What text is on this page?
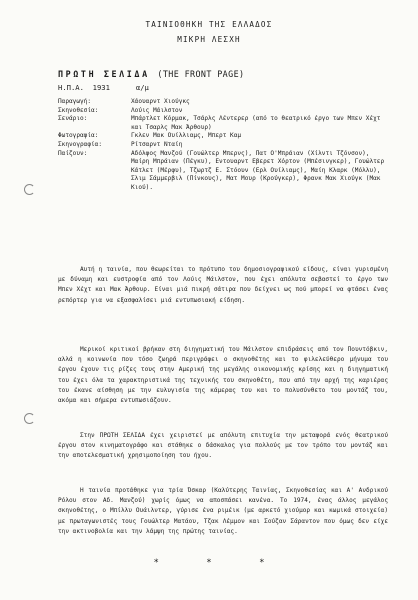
ΤΑΙΝΙΟΘΗΚΗ ΤΗΣ ΕΛΛΑΔΟΣ
ΜΙΚΡΗ ΛΕΣΧΗ
ΠΡΩΤΗ ΣΕΛΙΔΑ (THE FRONT PAGE)
Η.Π.Α.  1931      α/μ
Παραγωγή:	Χάουαρντ Χιούγκς
Σκηνοθεσία:	Λούις Μάιλστον
Σενάριο:	Μπάρτλετ Κόρμακ, Τσάρλς Λέντερερ (από το θεατρικό έργο των Μπεν Χέχτ και Τσαρλς Μακ Άρθουρ)
Φωτογραφία:	Γκλεν Μακ Ουίλλιαμς, Μπερτ Καμ
Σκηνογραφία:	Ρίτσαρντ Νταίη
Παίζουν:	Αδόλφος Μανζού (Γουώλτερ Μπερνς), Πατ Ο'Μπράιαν (Χίλντι Τζόνσον), Μαίρη Μπράιαν (Πέγκυ), Εντουαρντ Εβερετ Χόρτον (Μπέσινγκερ), Γουώλτερ Κάτλετ (Μέρφυ), Τζωρτζ Ε. Στόουν (Ερλ Ουίλιαμς), Μαίη Κλαρκ (Μόλλυ), Σλιμ Σάμμερβιλ (Πίνκους), Ματ Μουρ (Κρούγκερ), Φρανκ Μακ Χιούγκ (Μακ Κιού).

Αυτή η ταινία, που θεωρείται το πρότυπο του δημοσιογραφικού είδους, είναι γυρισμένη με δύναμη και ευστροφία από τον Λούις Μάιλστον, που έχει απόλυτα σεβαστεί το έργο των Μπεν Χέχτ και Μακ Άρθουρ. Είναι μιά πικρή σάτιρα που δείχνει ως πού μπορεί να φτάσει ένας ρεπόρτερ για να εξασφαλίσει μιά εντυπωσιακή είδηση.

Μερικοί κριτικοί βρήκαν στη διηγηματική του Μάιλστον επιδράσεις από τον Πουντόβκιν, αλλά η κοινωνία που τόσο ζωηρά περιγράφει ο σκηνοθέτης και το φιλελεύθερο μήνυμα του έργου έχουν τις ρίζες τους στην Αμερική της μεγάλης οικονομικής κρίσης και η διηγηματική του έχει όλα τα χαρακτηριστικά της τεχνικής του σκηνοθέτη, που από την αρχή της καριέρας του έκανε αίσθηση με την ευλυγισία της κάμερας του και το πολυσύνθετο του μοντάζ του, ακόμα και σήμερα εντυπωσιάζουν.

Στην ΠΡΩΤΗ ΣΕΛΙΔΑ έχει χειριστεί με απόλυτη επιτυχία την μεταφορά ενός θεατρικού έργου στον κινηματογράφο και στάθηκε ο δάσκαλος για πολλούς με τον τρόπο του μοντάζ και την αποτελεσματική χρησιμοποίηση του ήχου.

Η ταινία προτάθηκε για τρία Όσκαρ (Καλύτερης Ταινίας, Σκηνοθεσίας και Α' Ανδρικού Ρόλου στον Αδ. Μανζού) χωρίς όμως να αποσπάσει κανένα. Το 1974, ένας άλλος μεγάλος σκηνοθέτης, ο Μπίλλυ Ουάιλντερ, γύρισε ένα ριμέικ (με αρκετό χιούμορ και κωμικά στοιχεία) με πρωταγωνιστές τους Γουώλτερ Ματάου, Τζακ Λέμμον και Σούζαν Σάραντον που όμως δεν είχε την ακτινοβολία και την λάμψη της πρώτης ταινίας.

* * *
